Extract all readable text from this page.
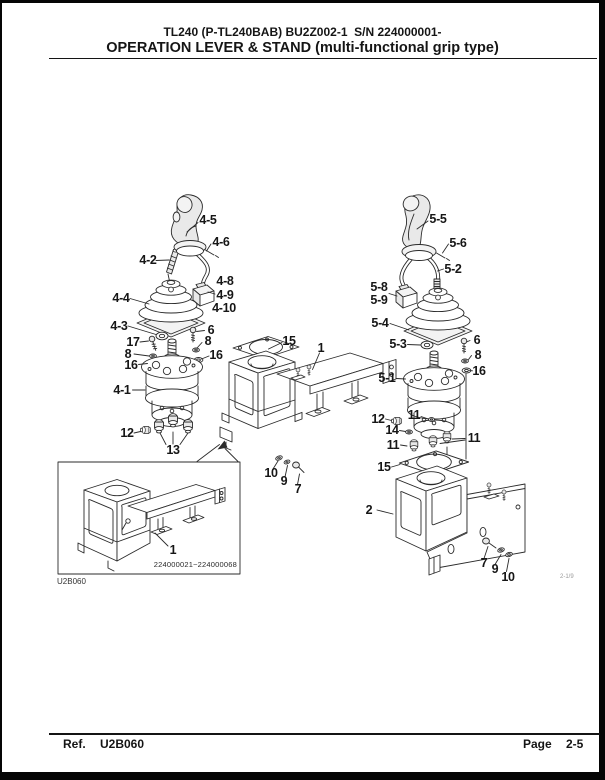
TL240 (P-TL240BAB) BU2Z002-1  S/N 224000001-
OPERATION LEVER & STAND (multi-functional grip type)
4-5
4-6
4-2
4-8
4-9
4-10
4-4
4-3	6
17
8
16
8
16
4-1
12
13
15 1
10
9
7
5-5
5-6
5-2
5-8
5-9
5-4
5-3	6
8
16
5-1
12 11
14
11	11
15
2
7 9
10
1
224000021~224000068
U2B060	2-1/9
Ref. U2B060	Page 2-5
